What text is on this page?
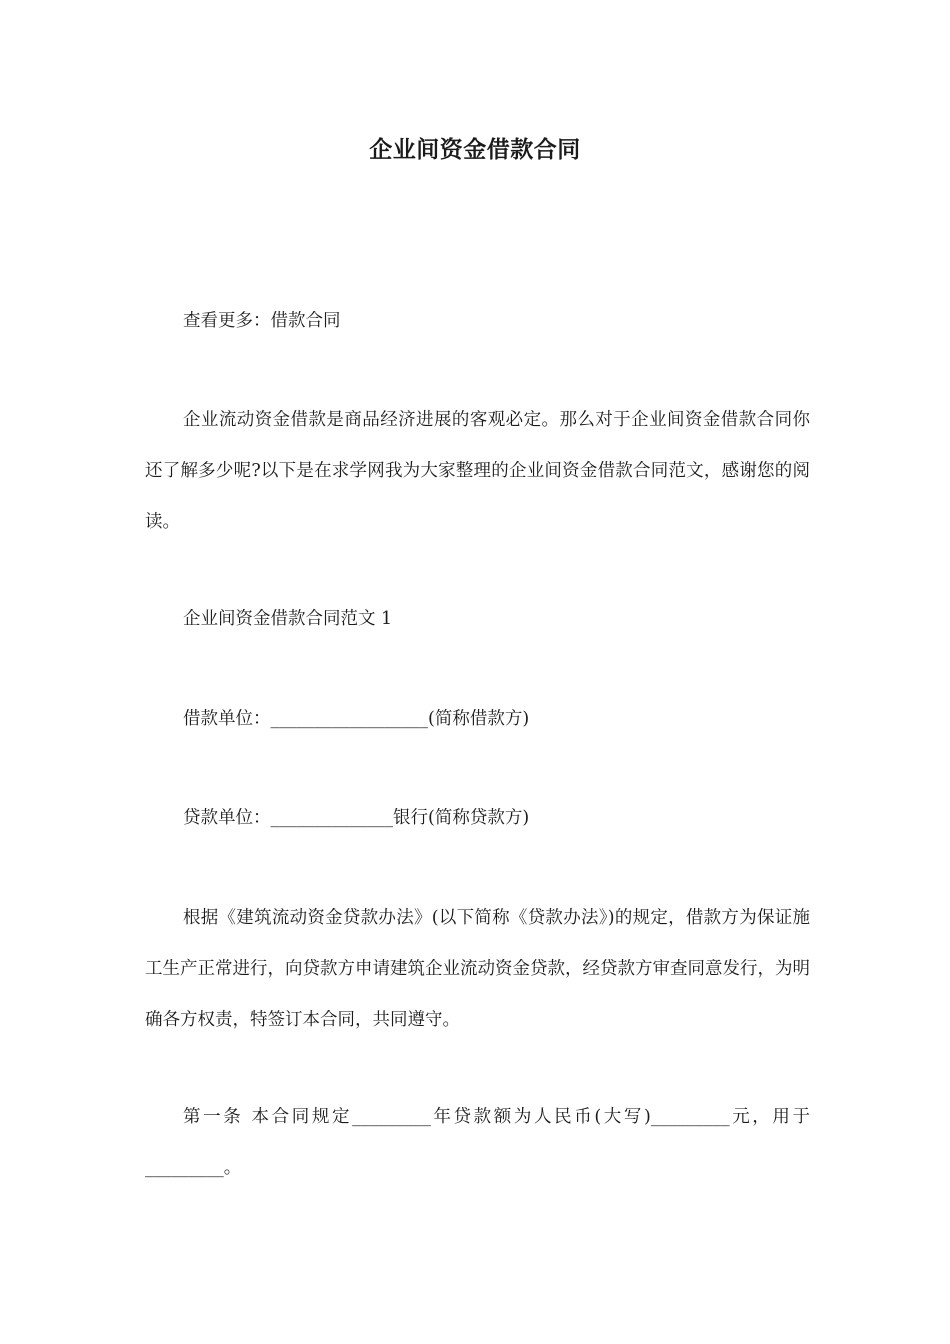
企业间资金借款合同

查看更多：借款合同

企业流动资金借款是商品经济进展的客观必定。那么对于企业间资金借款合同你还了解多少呢?以下是在求学网我为大家整理的企业间资金借款合同范文，感谢您的阅读。

企业间资金借款合同范文 1

借款单位：__________________(简称借款方)

贷款单位：______________银行(简称贷款方)

根据《建筑流动资金贷款办法》(以下简称《贷款办法》)的规定，借款方为保证施工生产正常进行，向贷款方申请建筑企业流动资金贷款，经贷款方审查同意发行，为明确各方权责，特签订本合同，共同遵守。

第一条 本合同规定_________年贷款额为人民币(大写)_________元，用于_________。
